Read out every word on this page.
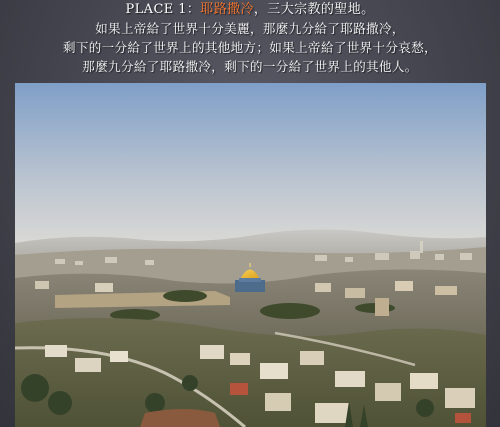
PLACE 1：耶路撒冷，三大宗教的聖地。
如果上帝給了世界十分美麗，那麼九分給了耶路撒冷，
剩下的一分給了世界上的其他地方；如果上帝給了世界十分哀愁，
那麼九分給了耶路撒冷，剩下的一分給了世界上的其他人。
